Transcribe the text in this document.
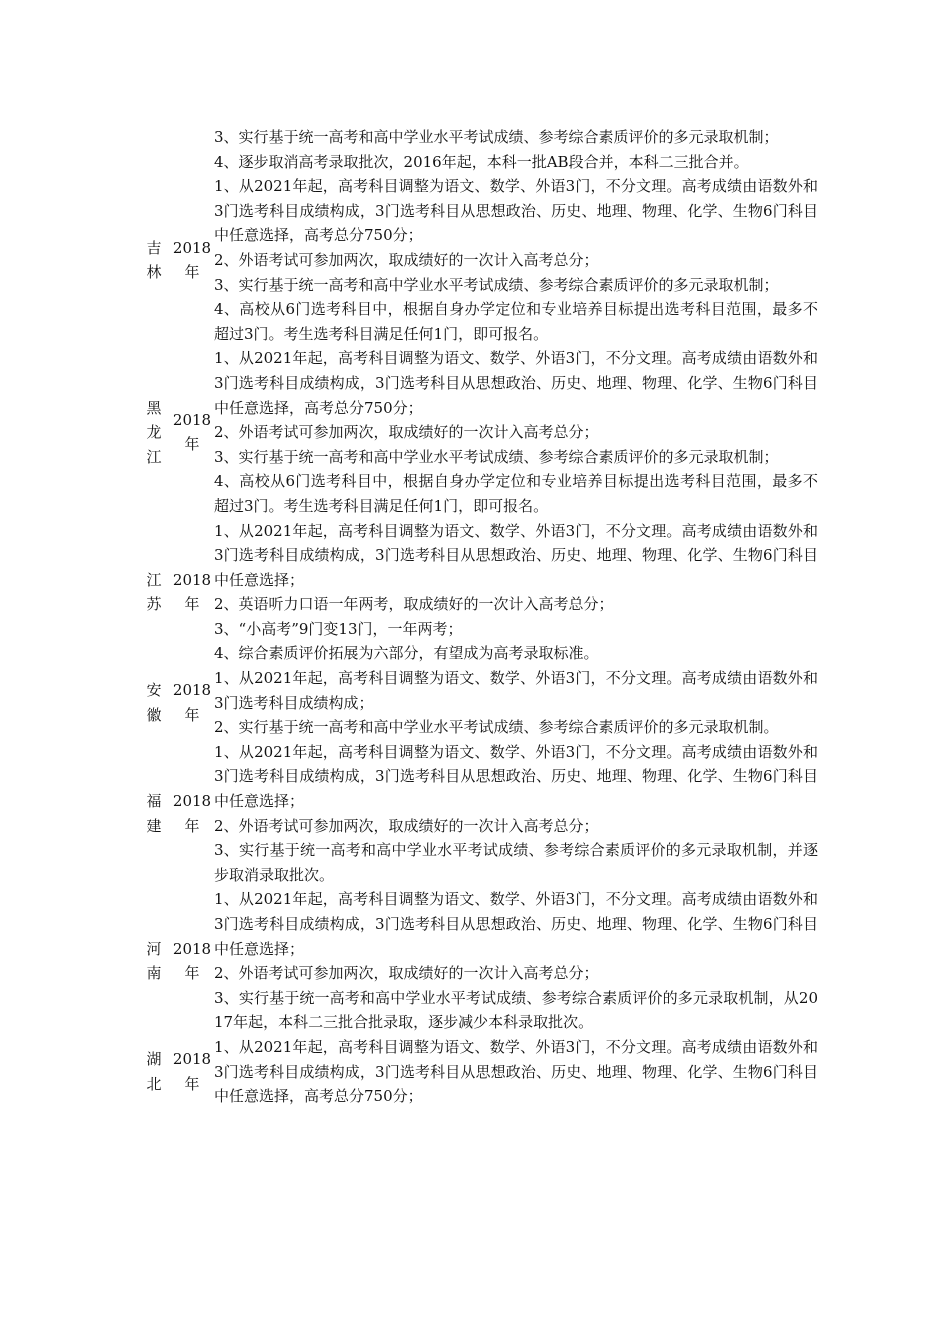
3、实行基于统一高考和高中学业水平考试成绩、参考综合素质评价的多元录取机制；

4、逐步取消高考录取批次，2016年起，本科一批AB段合并，本科二三批合并。

吉
林
2018
年

1、从2021年起，高考科目调整为语文、数学、外语3门，不分文理。高考成绩由语数外和3门选考科目成绩构成，3门选考科目从思想政治、历史、地理、物理、化学、生物6门科目中任意选择，高考总分750分；

2、外语考试可参加两次，取成绩好的一次计入高考总分；

3、实行基于统一高考和高中学业水平考试成绩、参考综合素质评价的多元录取机制；

4、高校从6门选考科目中，根据自身办学定位和专业培养目标提出选考科目范围，最多不超过3门。考生选考科目满足任何1门，即可报名。

黑
龙
江
2018
年

1、从2021年起，高考科目调整为语文、数学、外语3门，不分文理。高考成绩由语数外和3门选考科目成绩构成，3门选考科目从思想政治、历史、地理、物理、化学、生物6门科目中任意选择，高考总分750分；

2、外语考试可参加两次，取成绩好的一次计入高考总分；

3、实行基于统一高考和高中学业水平考试成绩、参考综合素质评价的多元录取机制；

4、高校从6门选考科目中，根据自身办学定位和专业培养目标提出选考科目范围，最多不超过3门。考生选考科目满足任何1门，即可报名。

江
苏
2018
年

1、从2021年起，高考科目调整为语文、数学、外语3门，不分文理。高考成绩由语数外和3门选考科目成绩构成，3门选考科目从思想政治、历史、地理、物理、化学、生物6门科目中任意选择；

2、英语听力口语一年两考，取成绩好的一次计入高考总分；

3、“小高考”9门变13门，一年两考；

4、综合素质评价拓展为六部分，有望成为高考录取标准。

安
徽
2018
年

1、从2021年起，高考科目调整为语文、数学、外语3门，不分文理。高考成绩由语数外和3门选考科目成绩构成；

2、实行基于统一高考和高中学业水平考试成绩、参考综合素质评价的多元录取机制。

福
建
2018
年

1、从2021年起，高考科目调整为语文、数学、外语3门，不分文理。高考成绩由语数外和3门选考科目成绩构成，3门选考科目从思想政治、历史、地理、物理、化学、生物6门科目中任意选择；

2、外语考试可参加两次，取成绩好的一次计入高考总分；

3、实行基于统一高考和高中学业水平考试成绩、参考综合素质评价的多元录取机制，并逐步取消录取批次。

河
南
2018
年

1、从2021年起，高考科目调整为语文、数学、外语3门，不分文理。高考成绩由语数外和3门选考科目成绩构成，3门选考科目从思想政治、历史、地理、物理、化学、生物6门科目中任意选择；

2、外语考试可参加两次，取成绩好的一次计入高考总分；

3、实行基于统一高考和高中学业水平考试成绩、参考综合素质评价的多元录取机制，从2017年起，本科二三批合批录取，逐步减少本科录取批次。

湖
北
2018
年

1、从2021年起，高考科目调整为语文、数学、外语3门，不分文理。高考成绩由语数外和3门选考科目成绩构成，3门选考科目从思想政治、历史、地理、物理、化学、生物6门科目中任意选择，高考总分750分；
